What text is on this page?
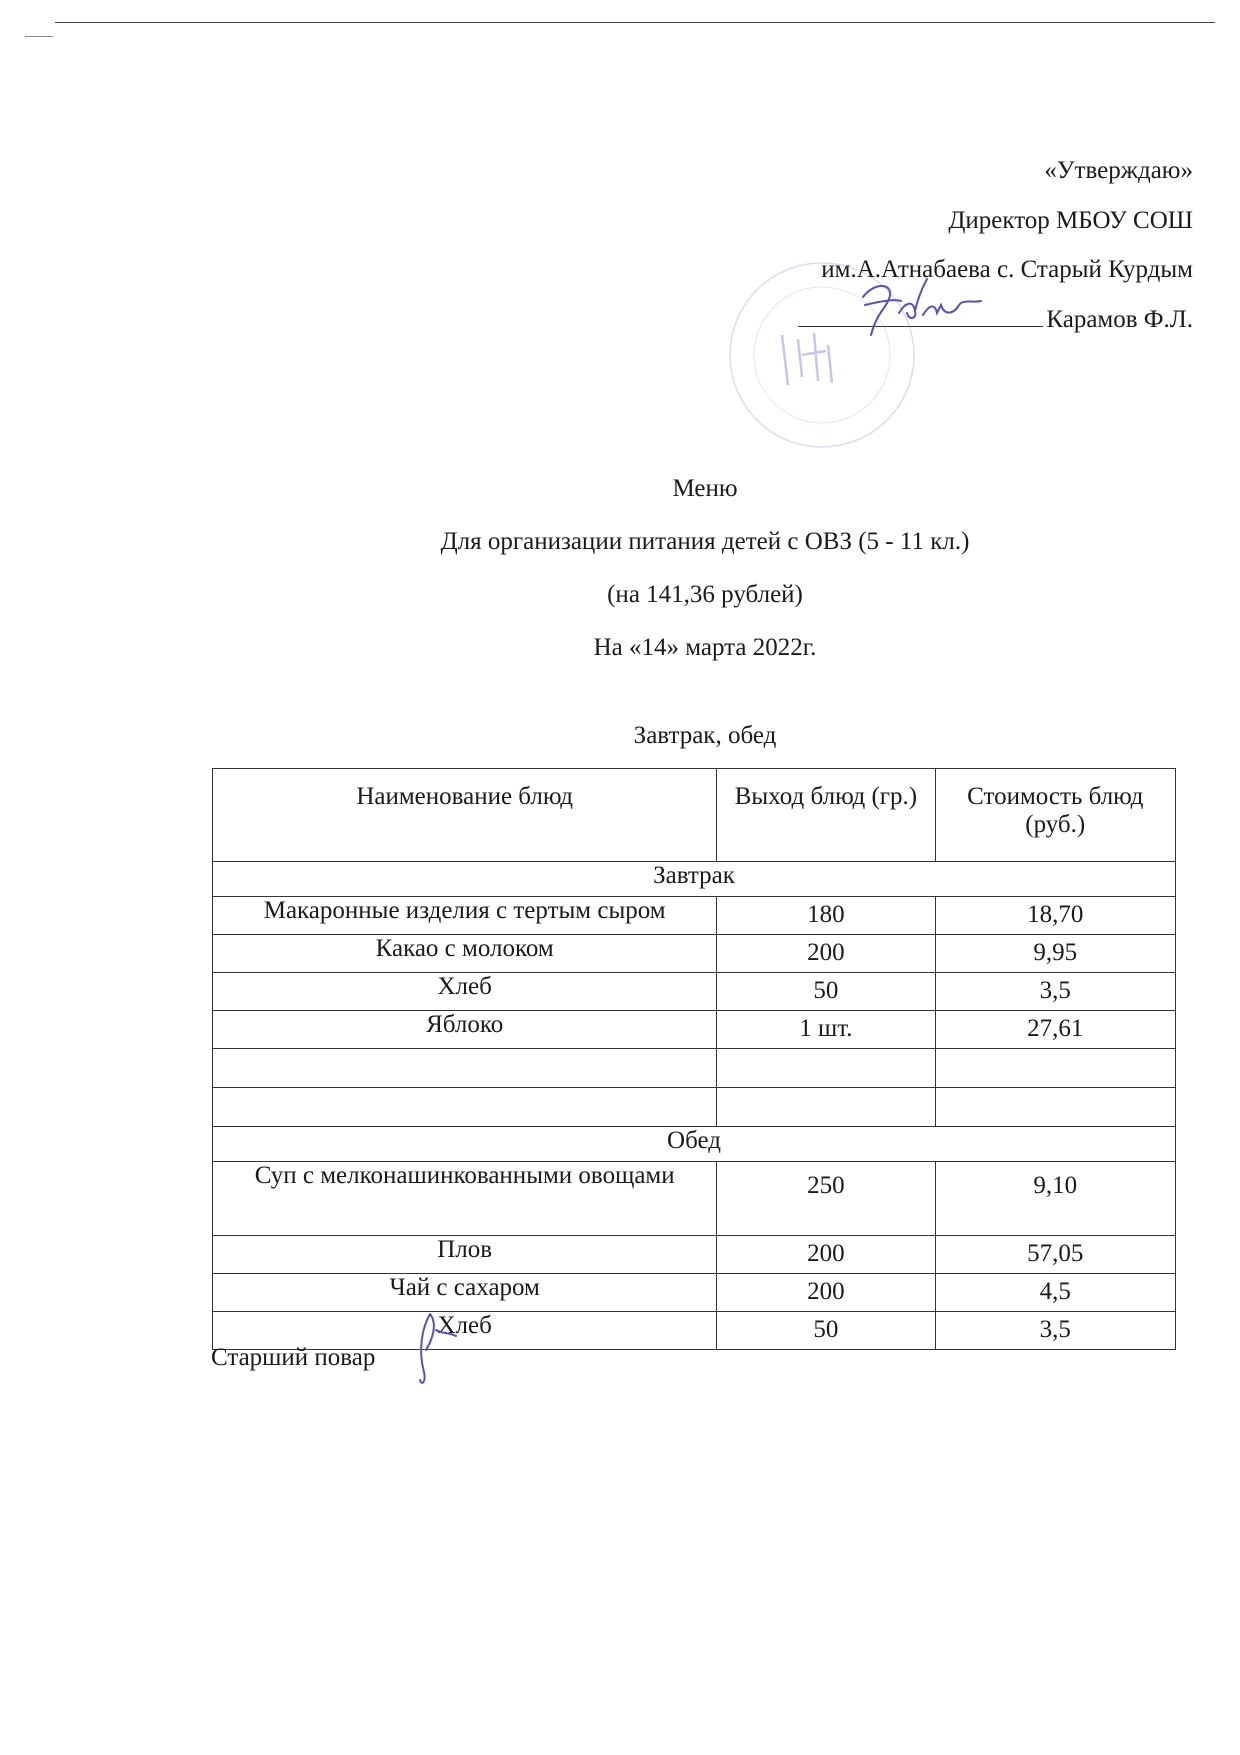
«Утверждаю»
Директор МБОУ СОШ
им.А.Атнабаева с. Старый Курдым
Карамов Ф.Л.
Меню
Для организации питания детей с ОВЗ (5 - 11 кл.)
(на 141,36 рублей)
На «14» марта 2022г.
Завтрак, обед
Наименование блюд	Выход блюд (гр.)	Стоимость блюд (руб.)
Завтрак		
Макаронные изделия с тертым сыром	180	18,70
Какао с молоком	200	9,95
Хлеб	50	3,5
Яблоко	1 шт.	27,61

Обед		
Суп с мелконашинкованными овощами	250	9,10
Плов	200	57,05
Чай с сахаром	200	4,5
Хлеб	50	3,5
Старший повар
